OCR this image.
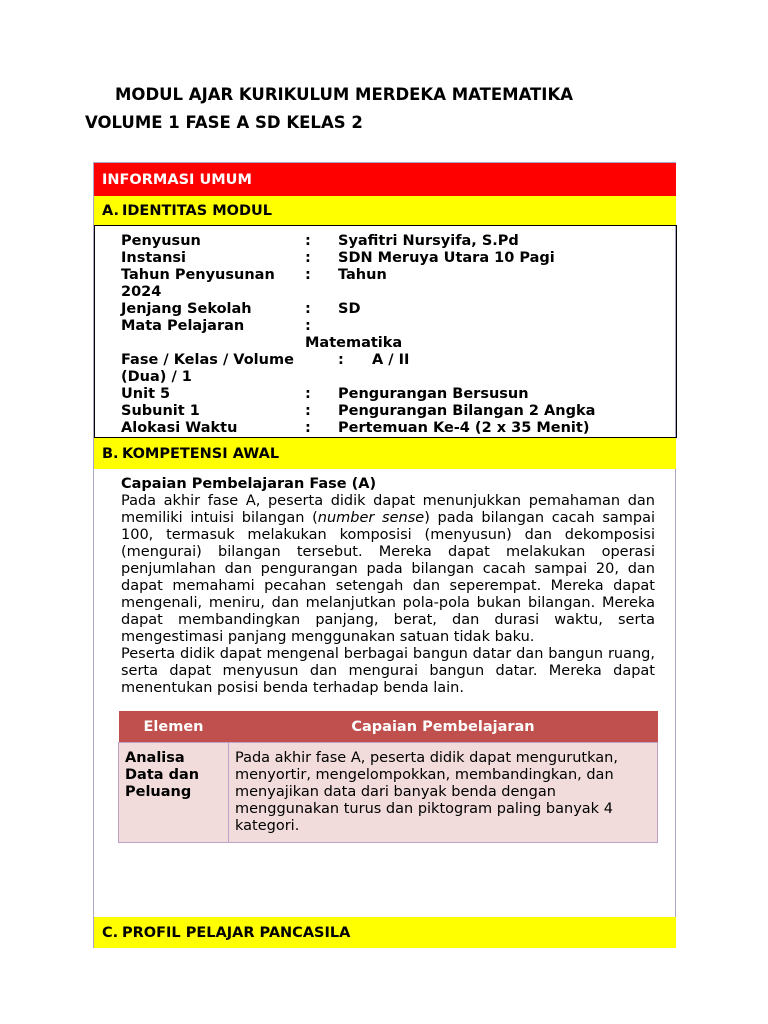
MODUL AJAR KURIKULUM MERDEKA MATEMATIKA
VOLUME 1 FASE A SD KELAS 2
INFORMASI UMUM
A. IDENTITAS MODUL
Penyusun	: Syafitri Nursyifa, S.Pd
Instansi	: SDN Meruya Utara 10 Pagi
Tahun Penyusunan : Tahun
2024
Jenjang Sekolah	: SD
Mata Pelajaran	:
Matematika
Fase / Kelas / Volume	: A / II
(Dua) / 1
Unit 5	: Pengurangan Bersusun
Subunit 1	: Pengurangan Bilangan 2 Angka
Alokasi Waktu	: Pertemuan Ke-4 (2 x 35 Menit)
B. KOMPETENSI AWAL

Capaian Pembelajaran Fase (A)

Pada akhir fase A, peserta didik dapat menunjukkan pemahaman dan memiliki intuisi bilangan (number sense) pada bilangan cacah sampai 100, termasuk melakukan komposisi (menyusun) dan dekomposisi (mengurai) bilangan tersebut. Mereka dapat melakukan operasi penjumlahan dan pengurangan pada bilangan cacah sampai 20, dan dapat memahami pecahan setengah dan seperempat. Mereka dapat mengenali, meniru, dan melanjutkan pola-pola bukan bilangan. Mereka dapat membandingkan panjang, berat, dan durasi waktu, serta mengestimasi panjang menggunakan satuan tidak baku.

Peserta didik dapat mengenal berbagai bangun datar dan bangun ruang, serta dapat menyusun dan mengurai bangun datar. Mereka dapat menentukan posisi benda terhadap benda lain.

Elemen	Capaian Pembelajaran
Analisa Data dan Peluang	Pada akhir fase A, peserta didik dapat mengurutkan, menyortir, mengelompokkan, membandingkan, dan menyajikan data dari banyak benda dengan menggunakan turus dan piktogram paling banyak 4 kategori.
C. PROFIL PELAJAR PANCASILA
